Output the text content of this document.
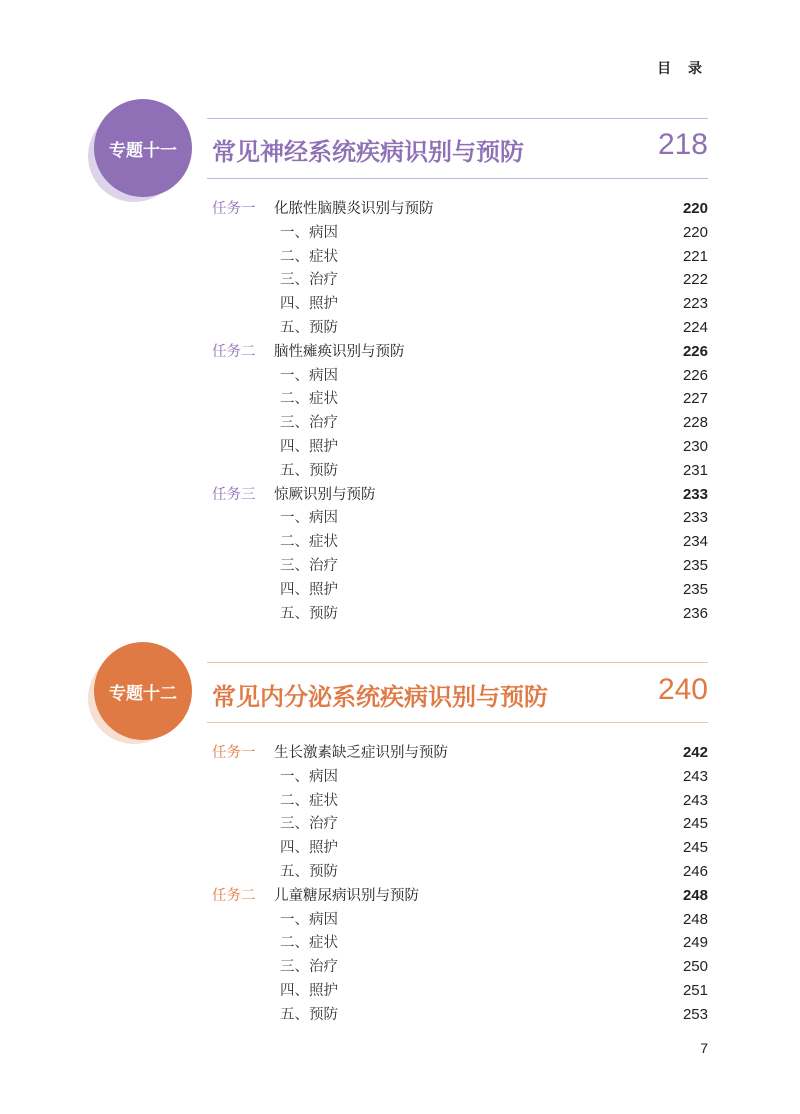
目 录
专题十一	常见神经系统疾病识别与预防	218
专题十二	常见内分泌系统疾病识别与预防	240
任务一 化脓性脑膜炎识别与预防	220
一、病因	220
二、症状	221
三、治疗	222
四、照护	223
五、预防	224
任务二 脑性瘫痪识别与预防	226
一、病因	226
二、症状	227
三、治疗	228
四、照护	230
五、预防	231
任务三 惊厥识别与预防	233
一、病因	233
二、症状	234
三、治疗	235
四、照护	235
五、预防	236
任务一 生长激素缺乏症识别与预防	242
一、病因	243
二、症状	243
三、治疗	245
四、照护	245
五、预防	246
任务二 儿童糖尿病识别与预防	248
一、病因	248
二、症状	249
三、治疗	250
四、照护	251
五、预防	253
7
